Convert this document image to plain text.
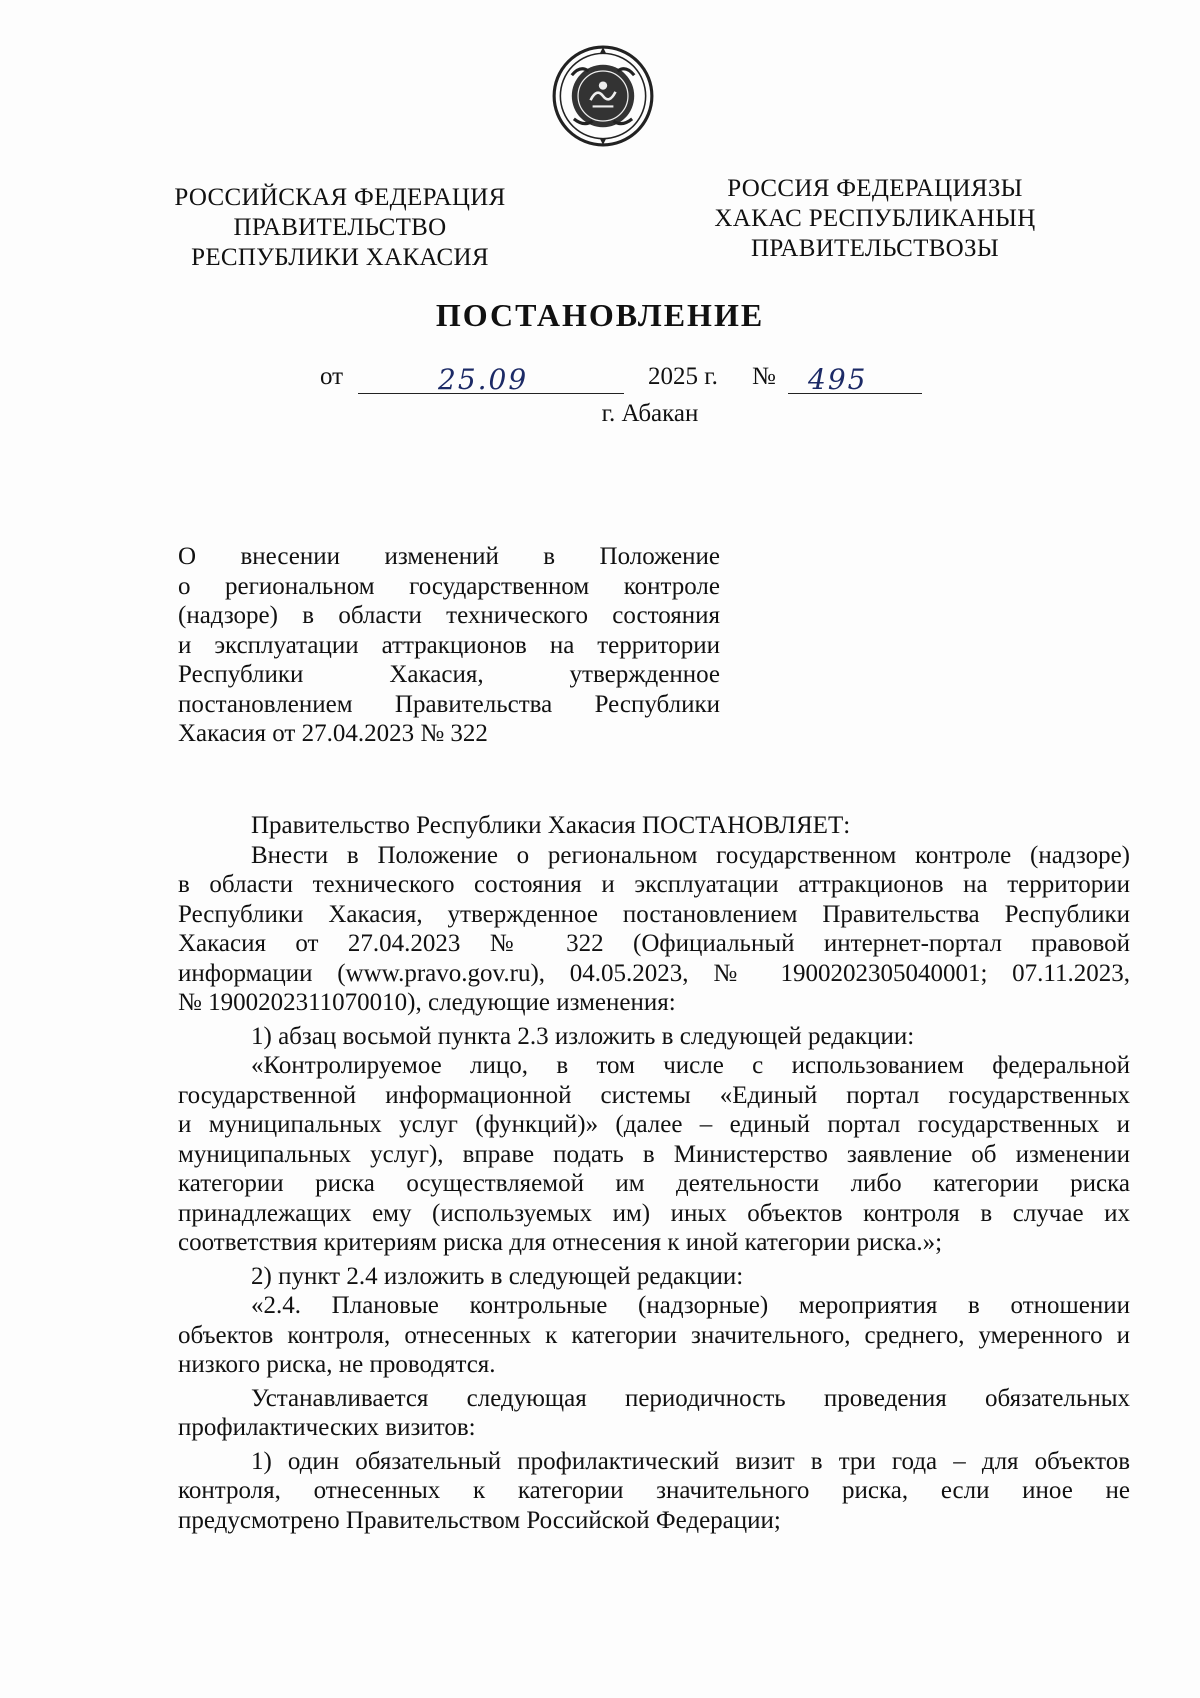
РОССИЙСКАЯ ФЕДЕРАЦИЯ
ПРАВИТЕЛЬСТВО
РЕСПУБЛИКИ ХАКАСИЯ
РОССИЯ ФЕДЕРАЦИЯЗЫ
ХАКАС РЕСПУБЛИКАНЫҢ
ПРАВИТЕЛЬСТВОЗЫ
ПОСТАНОВЛЕНИЕ
от	25.09	2025 г. № 495
г. Абакан
О внесении изменений в Положение
о региональном государственном контроле
(надзоре) в области технического состояния
и эксплуатации аттракционов на территории
Республики Хакасия, утвержденное
постановлением Правительства Республики
Хакасия от 27.04.2023 № 322
Правительство Республики Хакасия ПОСТАНОВЛЯЕТ:
Внести в Положение о региональном государственном контроле (надзоре)
в области технического состояния и эксплуатации аттракционов на территории
Республики Хакасия, утвержденное постановлением Правительства Республики
Хакасия от 27.04.2023 № 322 (Официальный интернет-портал правовой
информации (www.pravo.gov.ru), 04.05.2023, № 1900202305040001; 07.11.2023,
№ 1900202311070010), следующие изменения:
1) абзац восьмой пункта 2.3 изложить в следующей редакции:
«Контролируемое лицо, в том числе с использованием федеральной
государственной информационной системы «Единый портал государственных
и муниципальных услуг (функций)» (далее – единый портал государственных и
муниципальных услуг), вправе подать в Министерство заявление об изменении
категории риска осуществляемой им деятельности либо категории риска
принадлежащих ему (используемых им) иных объектов контроля в случае их
соответствия критериям риска для отнесения к иной категории риска.»;
2) пункт 2.4 изложить в следующей редакции:
«2.4. Плановые контрольные (надзорные) мероприятия в отношении
объектов контроля, отнесенных к категории значительного, среднего, умеренного и
низкого риска, не проводятся.
Устанавливается следующая периодичность проведения обязательных
профилактических визитов:
1) один обязательный профилактический визит в три года – для объектов
контроля, отнесенных к категории значительного риска, если иное не
предусмотрено Правительством Российской Федерации;
